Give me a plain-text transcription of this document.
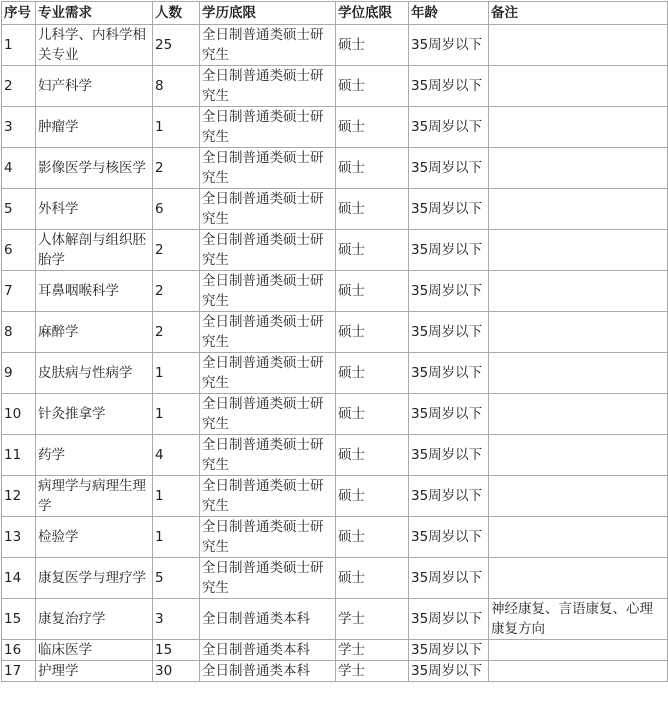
序号	专业需求	人数	学历底限	学位底限	年龄	备注
1	儿科学、内科学相关专业	25	全日制普通类硕士研究生	硕士	35周岁以下	
2	妇产科学	8	全日制普通类硕士研究生	硕士	35周岁以下	
3	肿瘤学	1	全日制普通类硕士研究生	硕士	35周岁以下	
4	影像医学与核医学	2	全日制普通类硕士研究生	硕士	35周岁以下	
5	外科学	6	全日制普通类硕士研究生	硕士	35周岁以下	
6	人体解剖与组织胚胎学	2	全日制普通类硕士研究生	硕士	35周岁以下	
7	耳鼻咽喉科学	2	全日制普通类硕士研究生	硕士	35周岁以下	
8	麻醉学	2	全日制普通类硕士研究生	硕士	35周岁以下	
9	皮肤病与性病学	1	全日制普通类硕士研究生	硕士	35周岁以下	
10	针灸推拿学	1	全日制普通类硕士研究生	硕士	35周岁以下	
11	药学	4	全日制普通类硕士研究生	硕士	35周岁以下	
12	病理学与病理生理学	1	全日制普通类硕士研究生	硕士	35周岁以下	
13	检验学	1	全日制普通类硕士研究生	硕士	35周岁以下	
14	康复医学与理疗学	5	全日制普通类硕士研究生	硕士	35周岁以下	
15	康复治疗学	3	全日制普通类本科	学士	35周岁以下	神经康复、言语康复、心理康复方向
16	临床医学	15	全日制普通类本科	学士	35周岁以下	
17	护理学	30	全日制普通类本科	学士	35周岁以下	
